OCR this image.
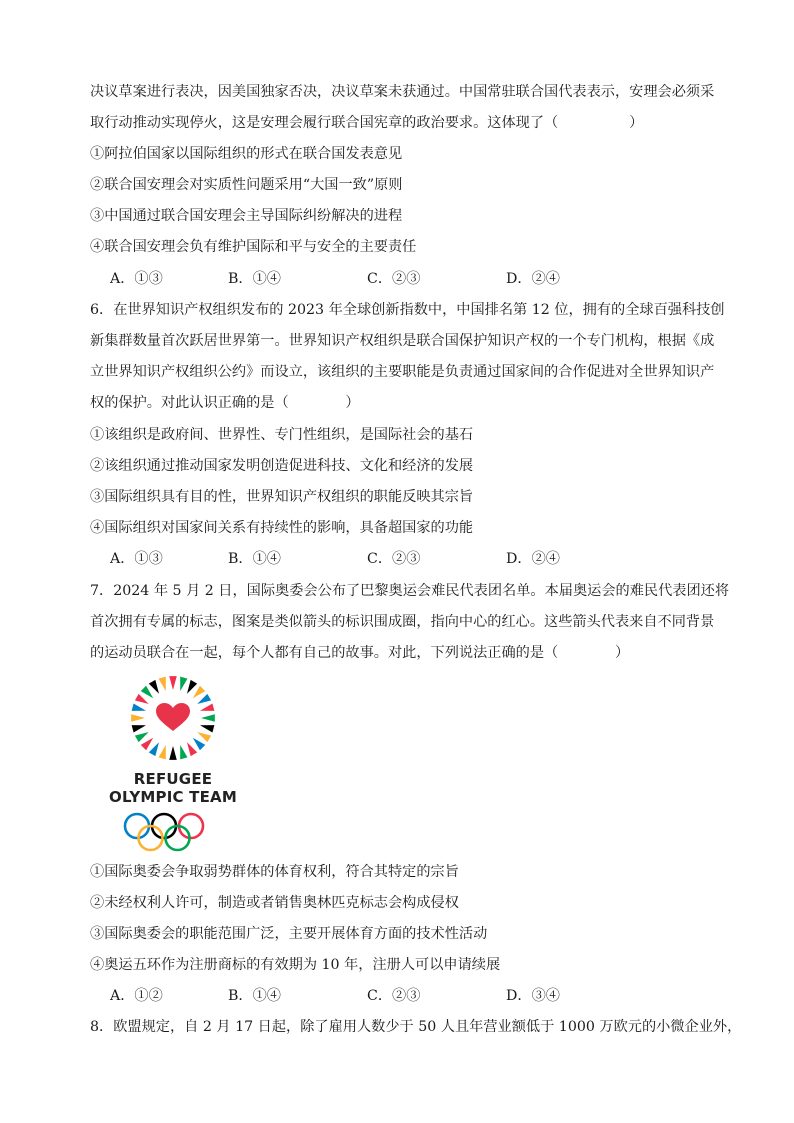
决议草案进行表决，因美国独家否决，决议草案未获通过。中国常驻联合国代表表示，安理会必须采
取行动推动实现停火，这是安理会履行联合国宪章的政治要求。这体现了（　　　　　）
①阿拉伯国家以国际组织的形式在联合国发表意见
②联合国安理会对实质性问题采用“大国一致”原则
③中国通过联合国安理会主导国际纠纷解决的进程
④联合国安理会负有维护国际和平与安全的主要责任
A．①③	B．①④	C．②③	D．②④
6．在世界知识产权组织发布的 2023 年全球创新指数中，中国排名第 12 位，拥有的全球百强科技创
新集群数量首次跃居世界第一。世界知识产权组织是联合国保护知识产权的一个专门机构，根据《成
立世界知识产权组织公约》而设立，该组织的主要职能是负责通过国家间的合作促进对全世界知识产
权的保护。对此认识正确的是（　　　　）
①该组织是政府间、世界性、专门性组织，是国际社会的基石
②该组织通过推动国家发明创造促进科技、文化和经济的发展
③国际组织具有目的性，世界知识产权组织的职能反映其宗旨
④国际组织对国家间关系有持续性的影响，具备超国家的功能
A．①③	B．①④	C．②③	D．②④
7．2024 年 5 月 2 日，国际奥委会公布了巴黎奥运会难民代表团名单。本届奥运会的难民代表团还将
首次拥有专属的标志，图案是类似箭头的标识围成圈，指向中心的红心。这些箭头代表来自不同背景
的运动员联合在一起，每个人都有自己的故事。对此，下列说法正确的是（　　　　）
REFUGEE
OLYMPIC TEAM
①国际奥委会争取弱势群体的体育权利，符合其特定的宗旨
②未经权利人许可，制造或者销售奥林匹克标志会构成侵权
③国际奥委会的职能范围广泛，主要开展体育方面的技术性活动
④奥运五环作为注册商标的有效期为 10 年，注册人可以申请续展
A．①②	B．①④	C．②③	D．③④
8．欧盟规定，自 2 月 17 日起，除了雇用人数少于 50 人且年营业额低于 1000 万欧元的小微企业外，
